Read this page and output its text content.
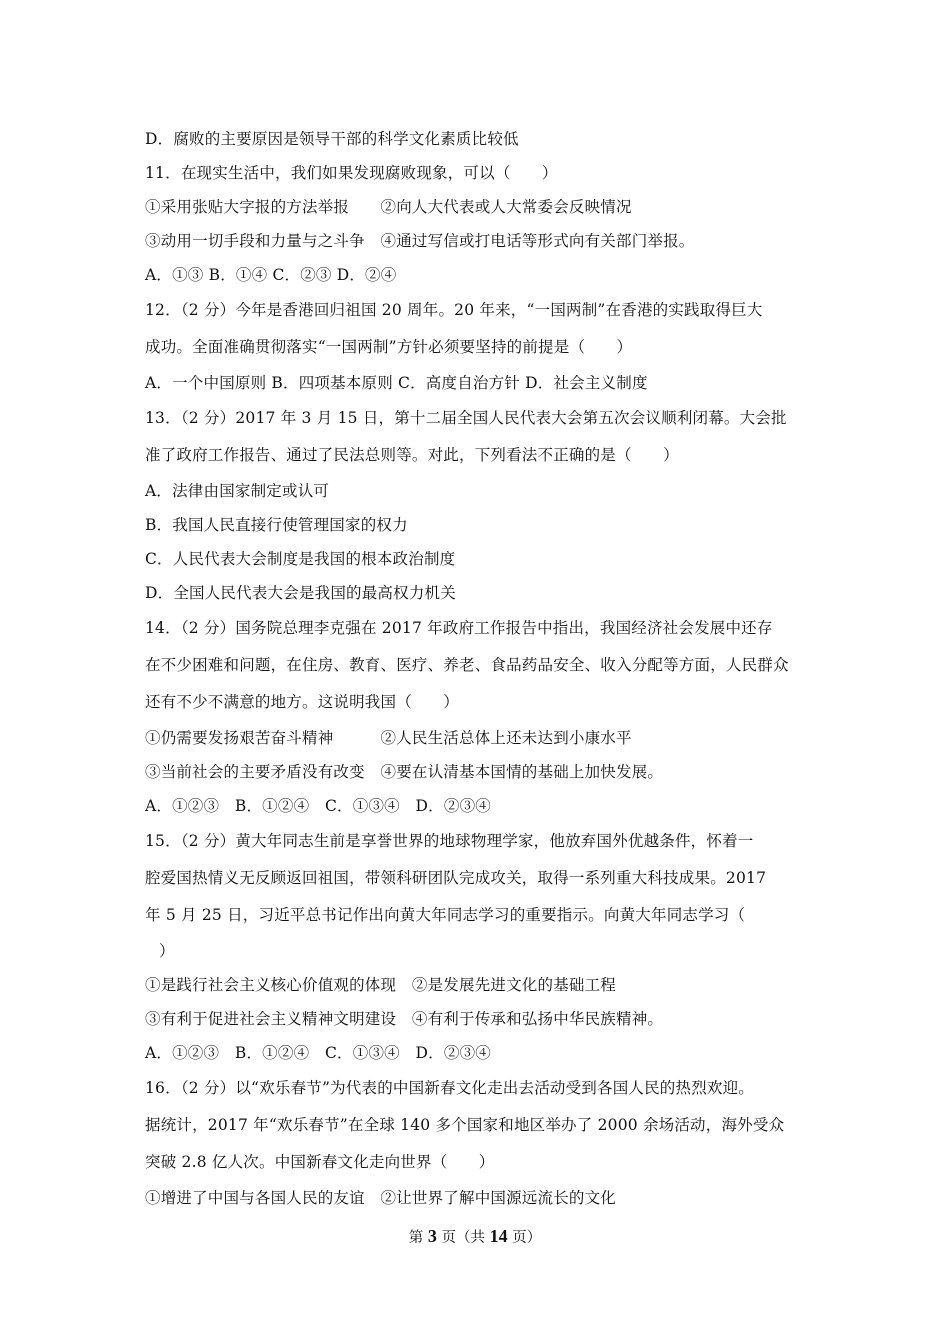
D．腐败的主要原因是领导干部的科学文化素质比较低
11．在现实生活中，我们如果发现腐败现象，可以（　　）
①采用张贴大字报的方法举报　　②向人大代表或人大常委会反映情况
③动用一切手段和力量与之斗争　④通过写信或打电话等形式向有关部门举报。
A．①③ B．①④ C．②③ D．②④
12．（2 分）今年是香港回归祖国 20 周年。20 年来，“一国两制”在香港的实践取得巨大
成功。全面准确贯彻落实“一国两制”方针必须要坚持的前提是（　　）
A．一个中国原则 B．四项基本原则 C．高度自治方针 D．社会主义制度
13．（2 分）2017 年 3 月 15 日，第十二届全国人民代表大会第五次会议顺利闭幕。大会批
准了政府工作报告、通过了民法总则等。对此，下列看法不正确的是（　　）
A．法律由国家制定或认可
B．我国人民直接行使管理国家的权力
C．人民代表大会制度是我国的根本政治制度
D．全国人民代表大会是我国的最高权力机关
14．（2 分）国务院总理李克强在 2017 年政府工作报告中指出，我国经济社会发展中还存
在不少困难和问题，在住房、教育、医疗、养老、食品药品安全、收入分配等方面，人民群众
还有不少不满意的地方。这说明我国（　　）
①仍需要发扬艰苦奋斗精神　　　②人民生活总体上还未达到小康水平
③当前社会的主要矛盾没有改变　④要在认清基本国情的基础上加快发展。
A．①②③　B．①②④　C．①③④　D．②③④
15．（2 分）黄大年同志生前是享誉世界的地球物理学家，他放弃国外优越条件，怀着一
腔爱国热情义无反顾返回祖国，带领科研团队完成攻关，取得一系列重大科技成果。2017
年 5 月 25 日，习近平总书记作出向黄大年同志学习的重要指示。向黄大年同志学习（
）
①是践行社会主义核心价值观的体现　②是发展先进文化的基础工程
③有利于促进社会主义精神文明建设　④有利于传承和弘扬中华民族精神。
A．①②③　B．①②④　C．①③④　D．②③④
16．（2 分）以“欢乐春节”为代表的中国新春文化走出去活动受到各国人民的热烈欢迎。
据统计，2017 年“欢乐春节”在全球 140 多个国家和地区举办了 2000 余场活动，海外受众
突破 2.8 亿人次。中国新春文化走向世界（　　）
①增进了中国与各国人民的友谊　②让世界了解中国源远流长的文化
第 3 页（共 14 页）
